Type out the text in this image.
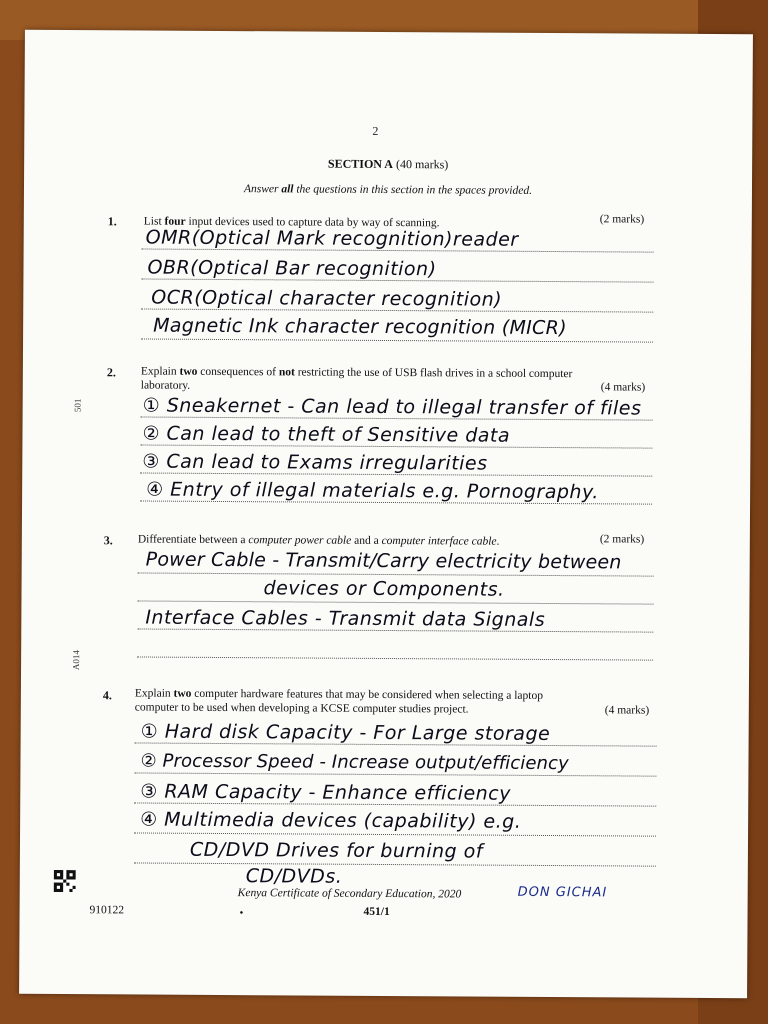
2
SECTION A (40 marks)
Answer all the questions in this section in the spaces provided.
501
A014
1. List four input devices used to capture data by way of scanning.	(2 marks)
OMR(Optical Mark recognition)reader
OBR(Optical Bar recognition)
OCR(Optical character recognition)
Magnetic Ink character recognition (MICR)
2. Explain two consequences of not restricting the use of USB flash drives in a school computer
laboratory.	(4 marks)
① Sneakernet - Can lead to illegal transfer of files
② Can lead to theft of Sensitive data
③ Can lead to Exams irregularities
④ Entry of illegal materials e.g. Pornography.
3. Differentiate between a computer power cable and a computer interface cable.	(2 marks)
Power Cable - Transmit/Carry electricity between
devices or Components.
Interface Cables - Transmit data Signals
4. Explain two computer hardware features that may be considered when selecting a laptop
computer to be used when developing a KCSE computer studies project.	(4 marks)
① Hard disk Capacity - For Large storage
② Processor Speed - Increase output/efficiency
③ RAM Capacity - Enhance efficiency
④ Multimedia devices (capability) e.g.
CD/DVD Drives for burning of
CD/DVDs.
Kenya Certificate of Secondary Education, 2020	DON GICHAI
910122	•	451/1
